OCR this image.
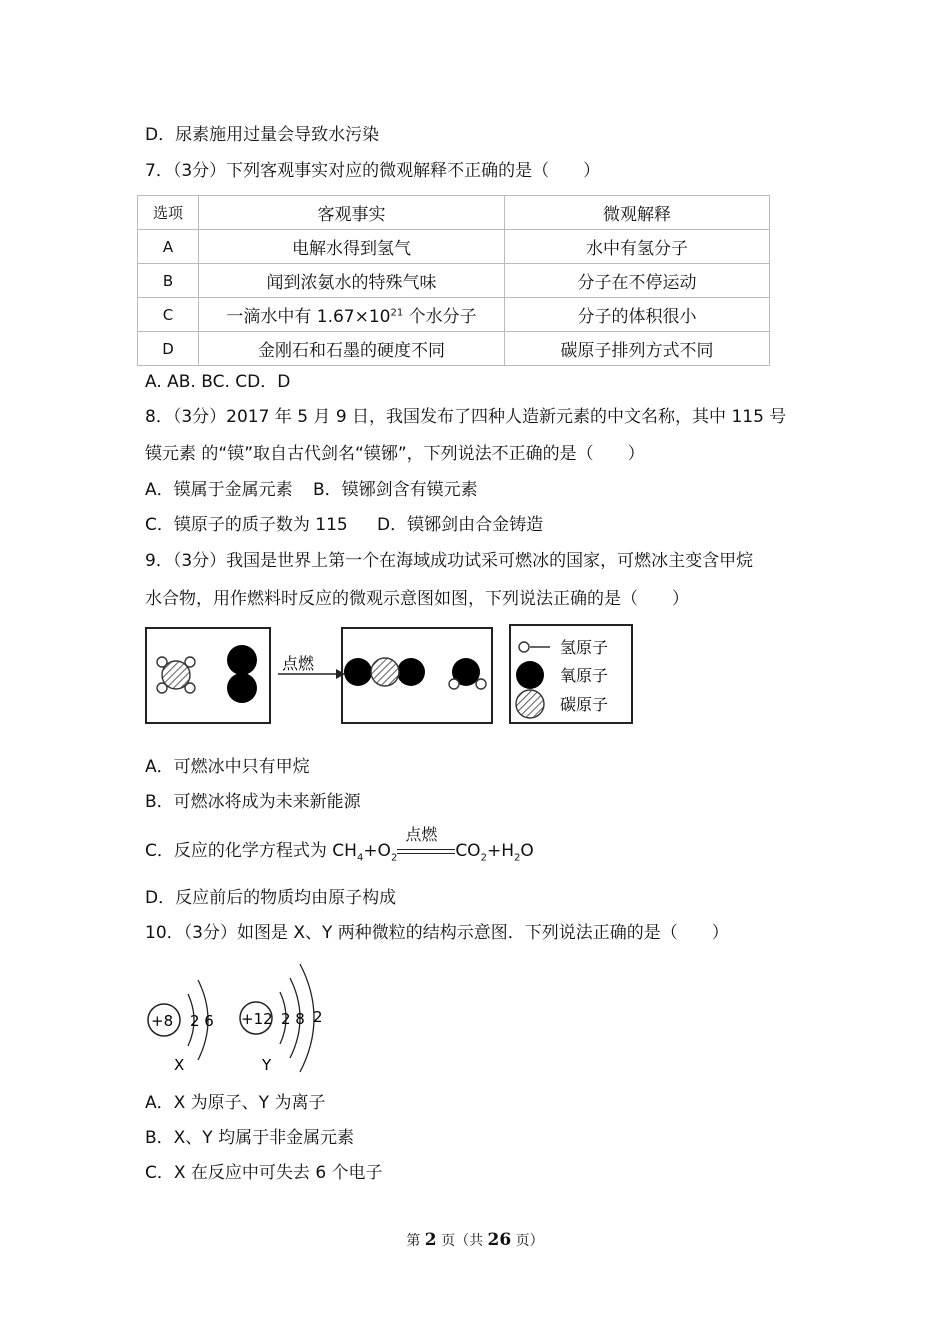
D．尿素施用过量会导致水污染
7．（3分）下列客观事实对应的微观解释不正确的是（　　）
选项	客观事实	微观解释
A	电解水得到氢气	水中有氢分子
B	闻到浓氨水的特殊气味	分子在不停运动
C	一滴水中有 $1.67\times 10^{21}$ 个水分子	分子的体积很小
D	金刚石和石墨的硬度不同	碳原子排列方式不同
A. AB. BC. CD．D
8．（3分）2017 年 5 月 9 日，我国发布了四种人造新元素的中文名称，其中 115 号
镆元素 的“镆”取自古代剑名“镆铘”，下列说法不正确的是（　　）
A．镆属于金属元素 B．镆铘剑含有镆元素
C．镆原子的质子数为 115 D．镆铘剑由合金铸造
9．（3分）我国是世界上第一个在海域成功试采可燃冰的国家，可燃冰主变含甲烷
水合物，用作燃料时反应的微观示意图如图，下列说法正确的是（　　）
点燃
氢原子
氧原子
碳原子
A．可燃冰中只有甲烷
B．可燃冰将成为未来新能源
C．反应的化学方程式为 $CH_4+O_2$
点燃
$CO_2+H_2O$
D．反应前后的物质均由原子构成
10．（3分）如图是 X、Y 两种微粒的结构示意图．下列说法正确的是（　　）
+8 2 6
X
+12 2 8 2
Y
A．X 为原子、Y 为离子
B．X、Y 均属于非金属元素
C．X 在反应中可失去 6 个电子
第 2 页（共 26 页）
